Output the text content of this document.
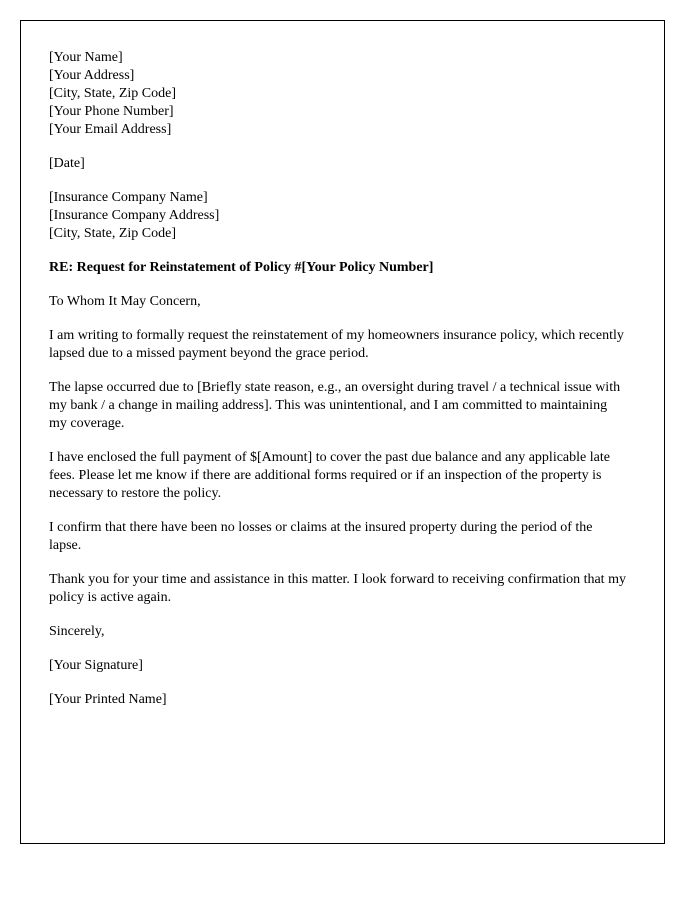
[Your Name]
[Your Address]
[City, State, Zip Code]
[Your Phone Number]
[Your Email Address]
[Date]
[Insurance Company Name]
[Insurance Company Address]
[City, State, Zip Code]
RE: Request for Reinstatement of Policy #[Your Policy Number]

To Whom It May Concern,

I am writing to formally request the reinstatement of my homeowners insurance policy, which recently lapsed due to a missed payment beyond the grace period.

The lapse occurred due to [Briefly state reason, e.g., an oversight during travel / a technical issue with my bank / a change in mailing address]. This was unintentional, and I am committed to maintaining my coverage.

I have enclosed the full payment of $[Amount] to cover the past due balance and any applicable late fees. Please let me know if there are additional forms required or if an inspection of the property is necessary to restore the policy.

I confirm that there have been no losses or claims at the insured property during the period of the lapse.

Thank you for your time and assistance in this matter. I look forward to receiving confirmation that my policy is active again.

Sincerely,

[Your Signature]

[Your Printed Name]
